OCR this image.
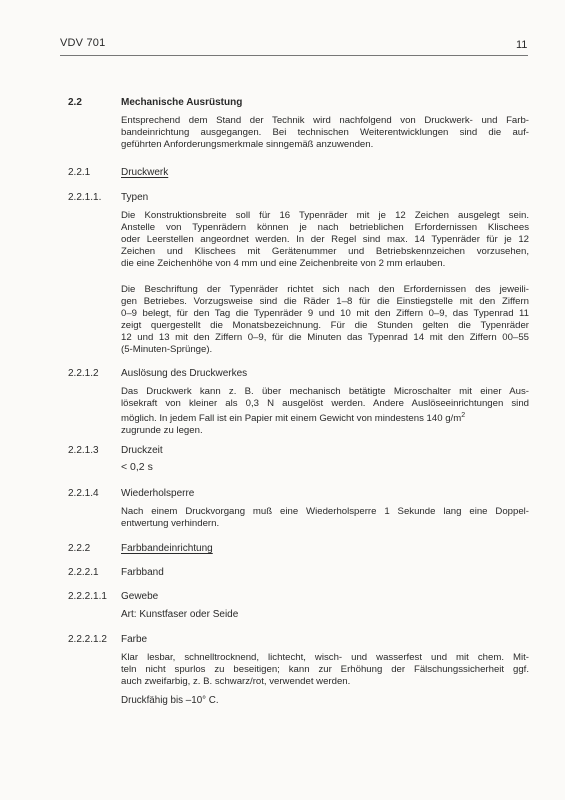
VDV 701	11
2.2	Mechanische Ausrüstung

Entsprechend dem Stand der Technik wird nachfolgend von Druckwerk- und Farb-
bandeinrichtung ausgegangen. Bei technischen Weiterentwicklungen sind die auf-
geführten Anforderungsmerkmale sinngemäß anzuwenden.

2.2.1	Druckwerk
2.2.1.1. Typen

Die Konstruktionsbreite soll für 16 Typenräder mit je 12 Zeichen ausgelegt sein.
Anstelle von Typenrädern können je nach betrieblichen Erfordernissen Klischees
oder Leerstellen angeordnet werden. In der Regel sind max. 14 Typenräder für je 12
Zeichen und Klischees mit Gerätenummer und Betriebskennzeichen vorzusehen,
die eine Zeichenhöhe von 4 mm und eine Zeichenbreite von 2 mm erlauben.

Die Beschriftung der Typenräder richtet sich nach den Erfordernissen des jeweili-
gen Betriebes. Vorzugsweise sind die Räder 1–8 für die Einstiegstelle mit den Ziffern
0–9 belegt, für den Tag die Typenräder 9 und 10 mit den Ziffern 0–9, das Typenrad 11
zeigt quergestellt die Monatsbezeichnung. Für die Stunden gelten die Typenräder
12 und 13 mit den Ziffern 0–9, für die Minuten das Typenrad 14 mit den Ziffern 00–55
(5-Minuten-Sprünge).

2.2.1.2 Auslösung des Druckwerkes

Das Druckwerk kann z. B. über mechanisch betätigte Microschalter mit einer Aus-
lösekraft von kleiner als 0,3 N ausgelöst werden. Andere Auslöseeinrichtungen sind
möglich. In jedem Fall ist ein Papier mit einem Gewicht von mindestens 140 $g/m^2$
zugrunde zu legen.

2.2.1.3 Druckzeit
< 0,2 s
2.2.1.4 Wiederholsperre

Nach einem Druckvorgang muß eine Wiederholsperre 1 Sekunde lang eine Doppel-
entwertung verhindern.

2.2.2	Farbbandeinrichtung
2.2.2.1 Farbband
2.2.2.1.1 Gewebe
Art: Kunstfaser oder Seide
2.2.2.1.2 Farbe

Klar lesbar, schnelltrocknend, lichtecht, wisch- und wasserfest und mit chem. Mit-
teln nicht spurlos zu beseitigen; kann zur Erhöhung der Fälschungssicherheit ggf.
auch zweifarbig, z. B. schwarz/rot, verwendet werden.

Druckfähig bis –10° C.
